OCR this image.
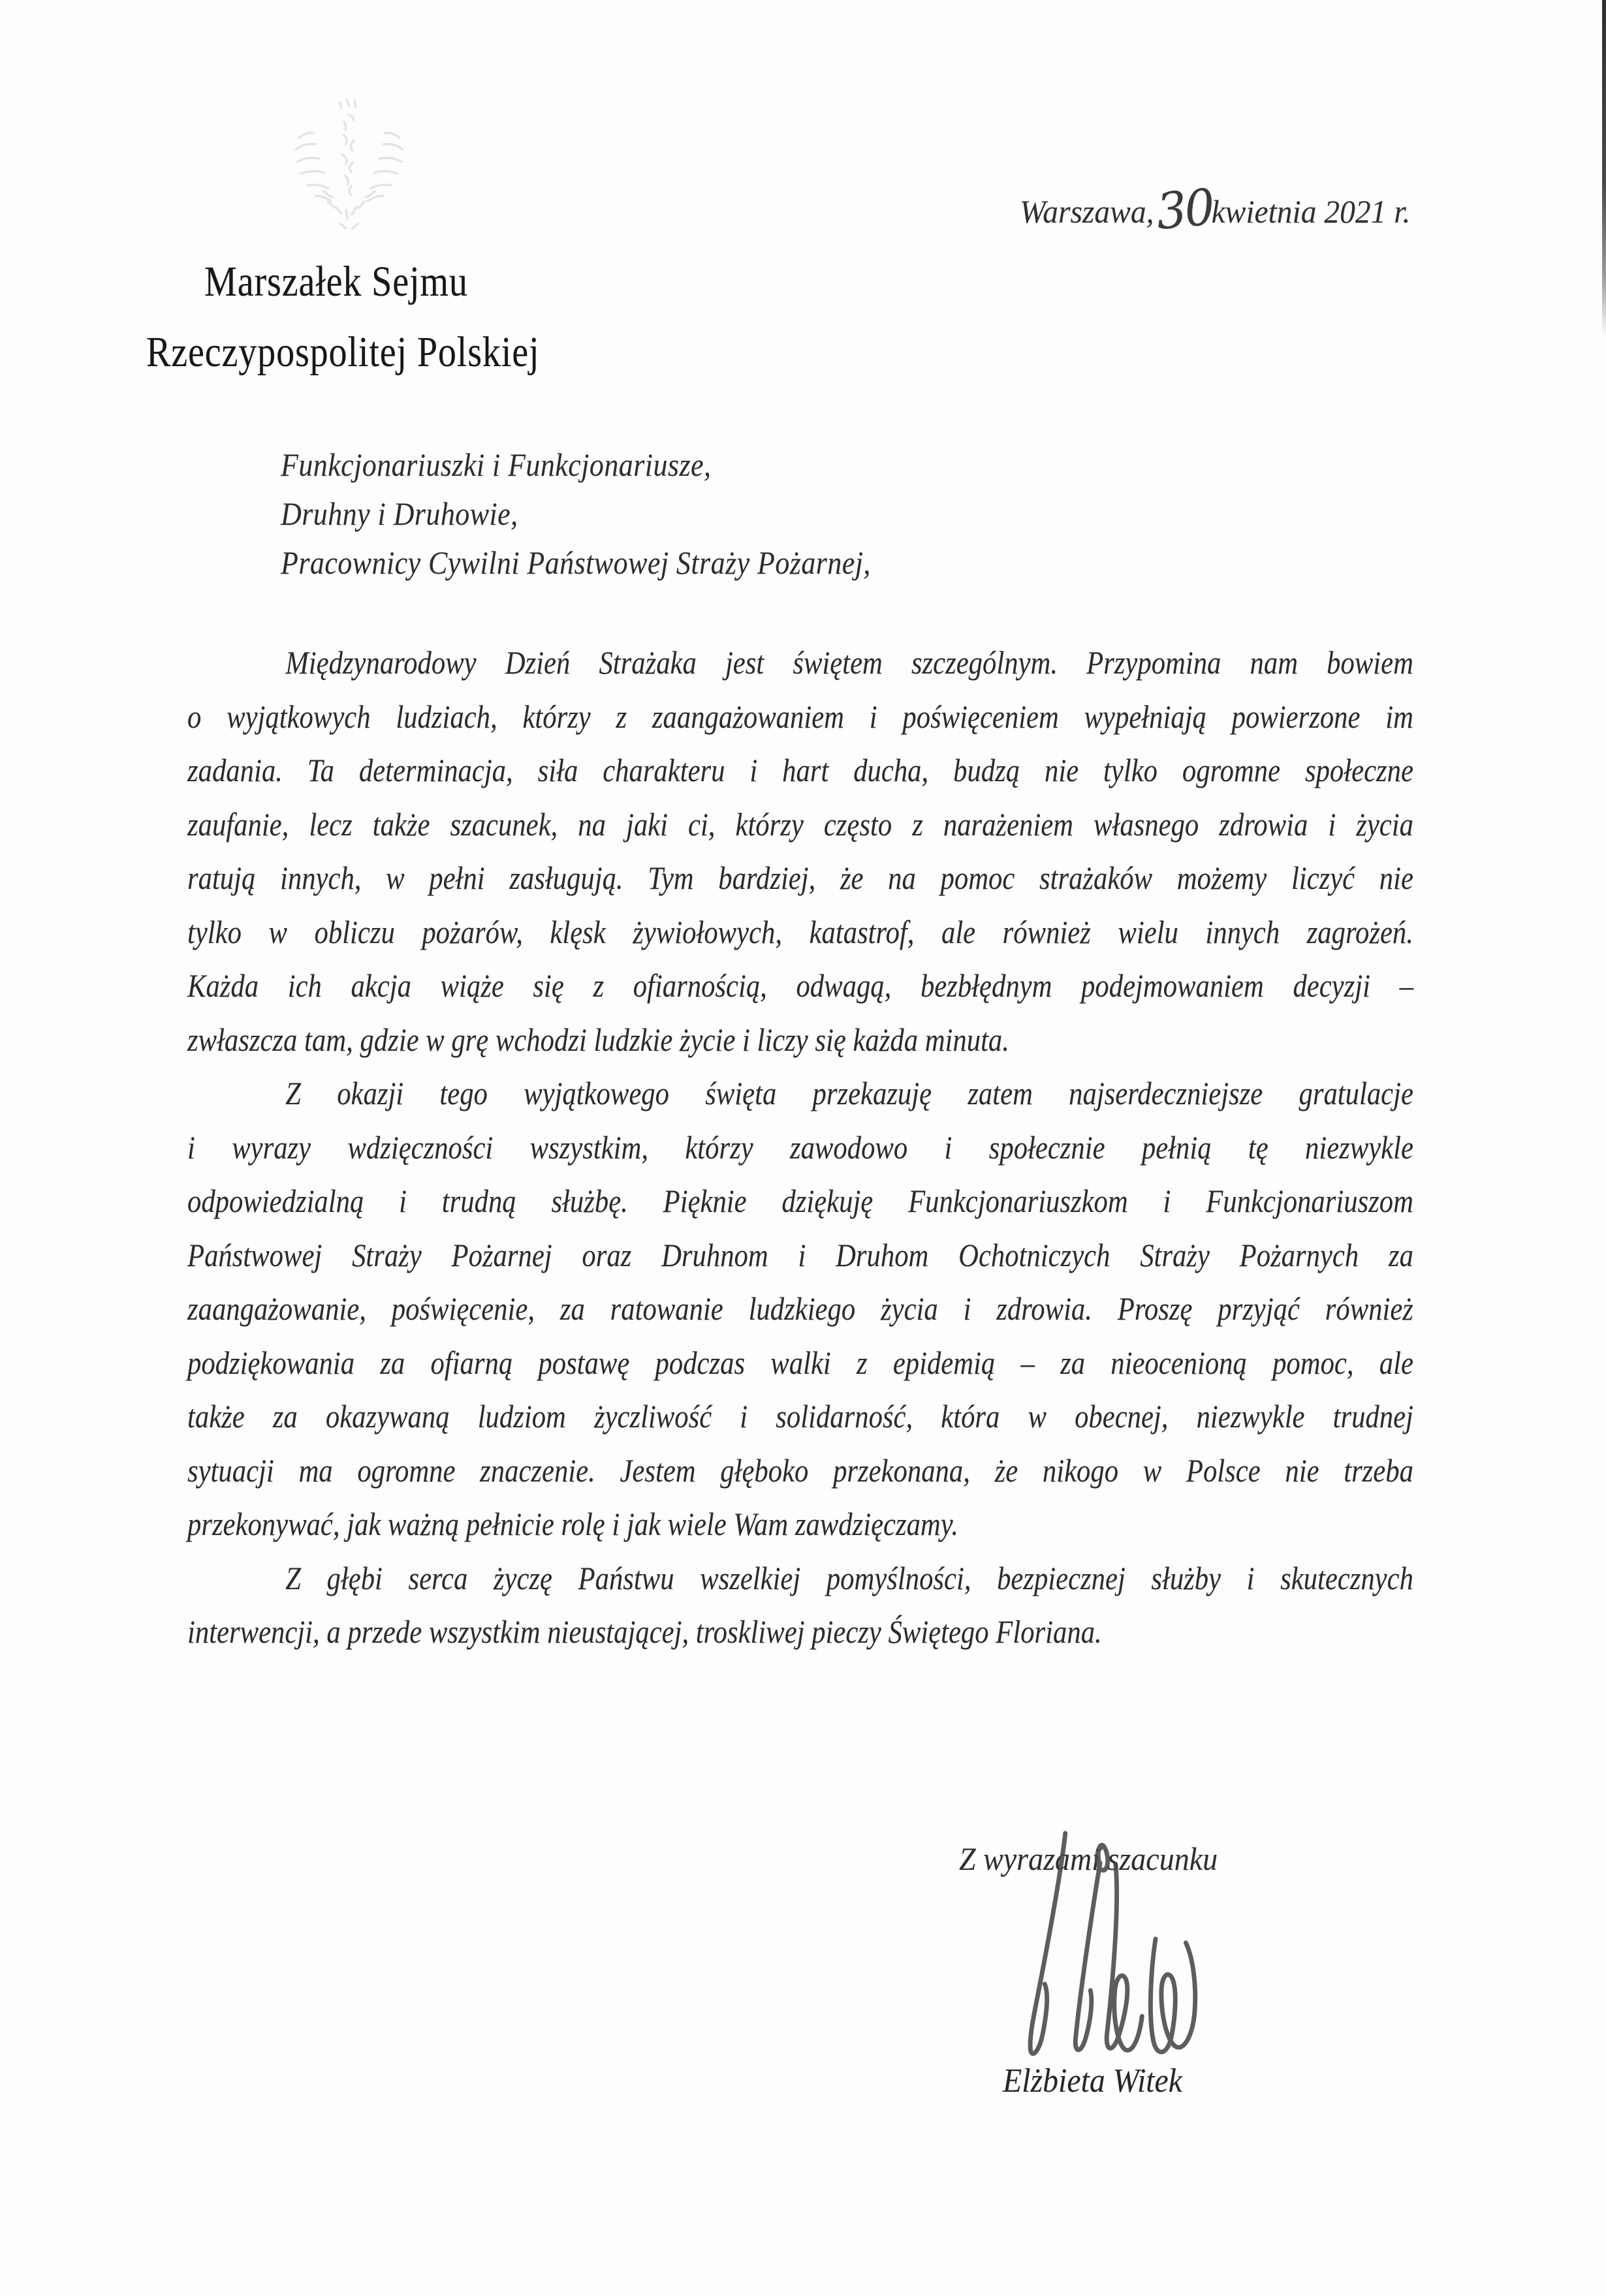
Warszawa,30kwietnia 2021 r.
Marszałek Sejmu
Rzeczypospolitej Polskiej
Funkcjonariuszki i Funkcjonariusze,
Druhny i Druhowie,
Pracownicy Cywilni Państwowej Straży Pożarnej,
Międzynarodowy Dzień Strażaka jest świętem szczególnym. Przypomina nam bowiem
o wyjątkowych ludziach, którzy z zaangażowaniem i poświęceniem wypełniają powierzone im
zadania. Ta determinacja, siła charakteru i hart ducha, budzą nie tylko ogromne społeczne
zaufanie, lecz także szacunek, na jaki ci, którzy często z narażeniem własnego zdrowia i życia
ratują innych, w pełni zasługują. Tym bardziej, że na pomoc strażaków możemy liczyć nie
tylko w obliczu pożarów, klęsk żywiołowych, katastrof, ale również wielu innych zagrożeń.
Każda ich akcja wiąże się z ofiarnością, odwagą, bezbłędnym podejmowaniem decyzji –
zwłaszcza tam, gdzie w grę wchodzi ludzkie życie i liczy się każda minuta.
Z okazji tego wyjątkowego święta przekazuję zatem najserdeczniejsze gratulacje
i wyrazy wdzięczności wszystkim, którzy zawodowo i społecznie pełnią tę niezwykle
odpowiedzialną i trudną służbę. Pięknie dziękuję Funkcjonariuszkom i Funkcjonariuszom
Państwowej Straży Pożarnej oraz Druhnom i Druhom Ochotniczych Straży Pożarnych za
zaangażowanie, poświęcenie, za ratowanie ludzkiego życia i zdrowia. Proszę przyjąć również
podziękowania za ofiarną postawę podczas walki z epidemią – za nieocenioną pomoc, ale
także za okazywaną ludziom życzliwość i solidarność, która w obecnej, niezwykle trudnej
sytuacji ma ogromne znaczenie. Jestem głęboko przekonana, że nikogo w Polsce nie trzeba
przekonywać, jak ważną pełnicie rolę i jak wiele Wam zawdzięczamy.
Z głębi serca życzę Państwu wszelkiej pomyślności, bezpiecznej służby i skutecznych
interwencji, a przede wszystkim nieustającej, troskliwej pieczy Świętego Floriana.
Z wyrazami szacunku
Elżbieta Witek
